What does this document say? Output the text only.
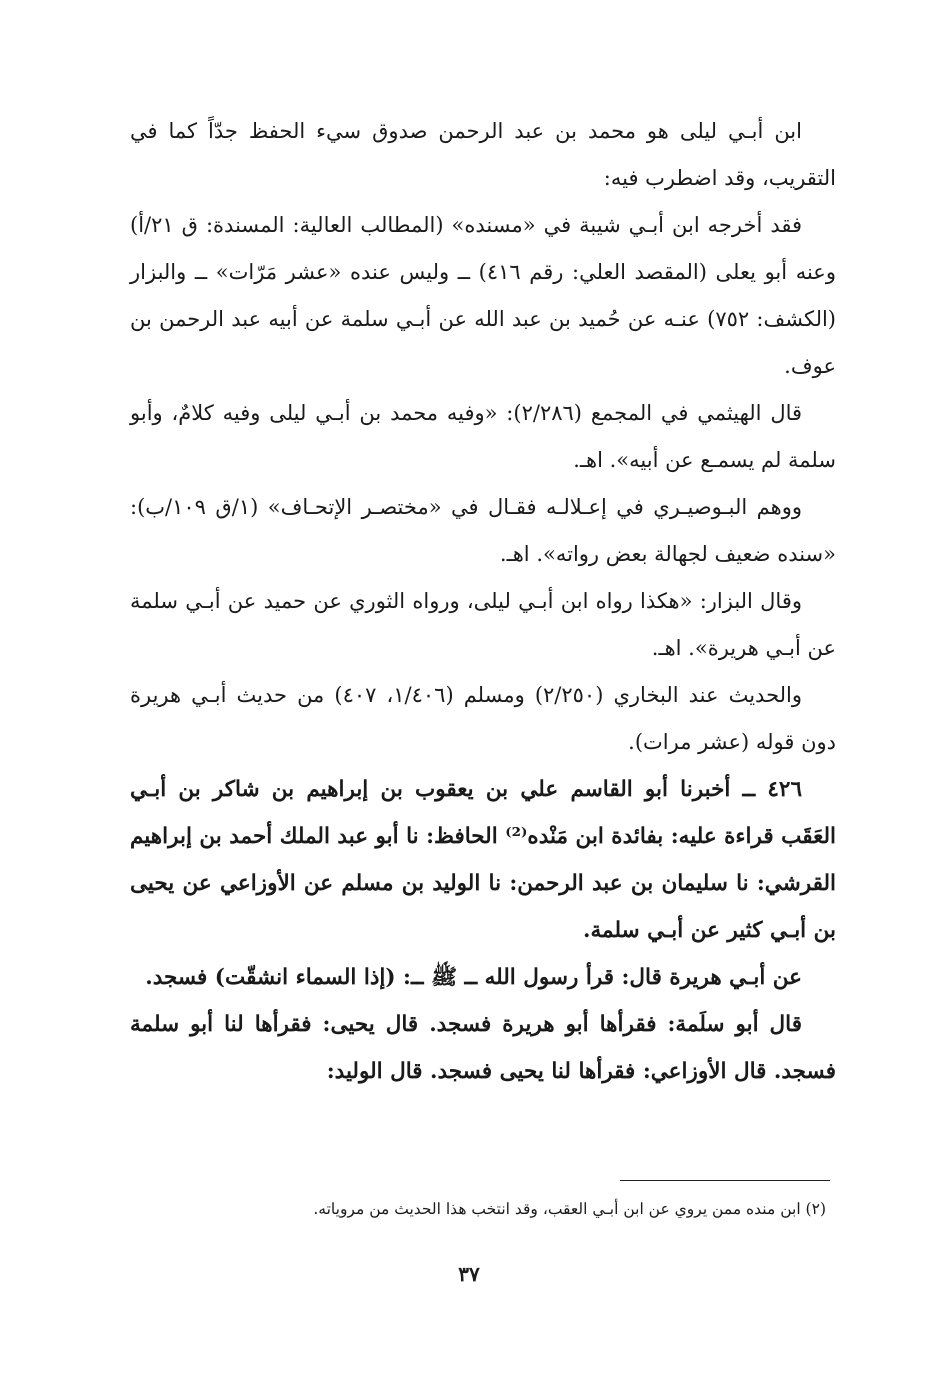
ابن أبـي ليلى هو محمد بن عبد الرحمن صدوق سيء الحفظ جدّاً كما في التقريب، وقد اضطرب فيه:

فقد أخرجه ابن أبـي شيبة في «مسنده» (المطالب العالية: المسندة: ق ٢١/أ) وعنه أبو يعلى (المقصد العلي: رقم ٤١٦) ــ وليس عنده «عشر مَرّات» ــ والبزار (الكشف: ٧٥٢) عنـه عن حُميد بن عبد الله عن أبـي سلمة عن أبيه عبد الرحمن بن عوف.

قال الهيثمي في المجمع (٢/٢٨٦): «وفيه محمد بن أبـي ليلى وفيه كلامٌ، وأبو سلمة لم يسمـع عن أبيه». اهـ.

ووهم البـوصيـري في إعـلالـه فقـال في «مختصـر الإتحـاف» (١/ق ١٠٩/ب): «سنده ضعيف لجهالة بعض رواته». اهـ.

وقال البزار: «هكذا رواه ابن أبـي ليلى، ورواه الثوري عن حميد عن أبـي سلمة عن أبـي هريرة». اهـ.

والحديث عند البخاري (٢/٢٥٠) ومسلم (١/٤٠٦، ٤٠٧) من حديث أبـي هريرة دون قوله (عشر مرات).

٤٢٦ ــ أخبرنا أبو القاسم علي بن يعقوب بن إبراهيم بن شاكر بن أبـي العَقَب قراءة عليه: بفائدة ابن مَنْده⁽²⁾ الحافظ: نا أبو عبد الملك أحمد بن إبراهيم القرشي: نا سليمان بن عبد الرحمن: نا الوليد بن مسلم عن الأوزاعي عن يحيى بن أبـي كثير عن أبـي سلمة.

عن أبـي هريرة قال: قرأ رسول الله ــ ﷺ ــ: (إذا السماء انشقّت) فسجد.

قال أبو سلَمة: فقرأها أبو هريرة فسجد. قال يحيى: فقرأها لنا أبو سلمة فسجد. قال الأوزاعي: فقرأها لنا يحيى فسجد. قال الوليد:

(٢) ابن منده ممن يروي عن ابن أبـي العقب، وقد انتخب هذا الحديث من مروياته.
٣٧
